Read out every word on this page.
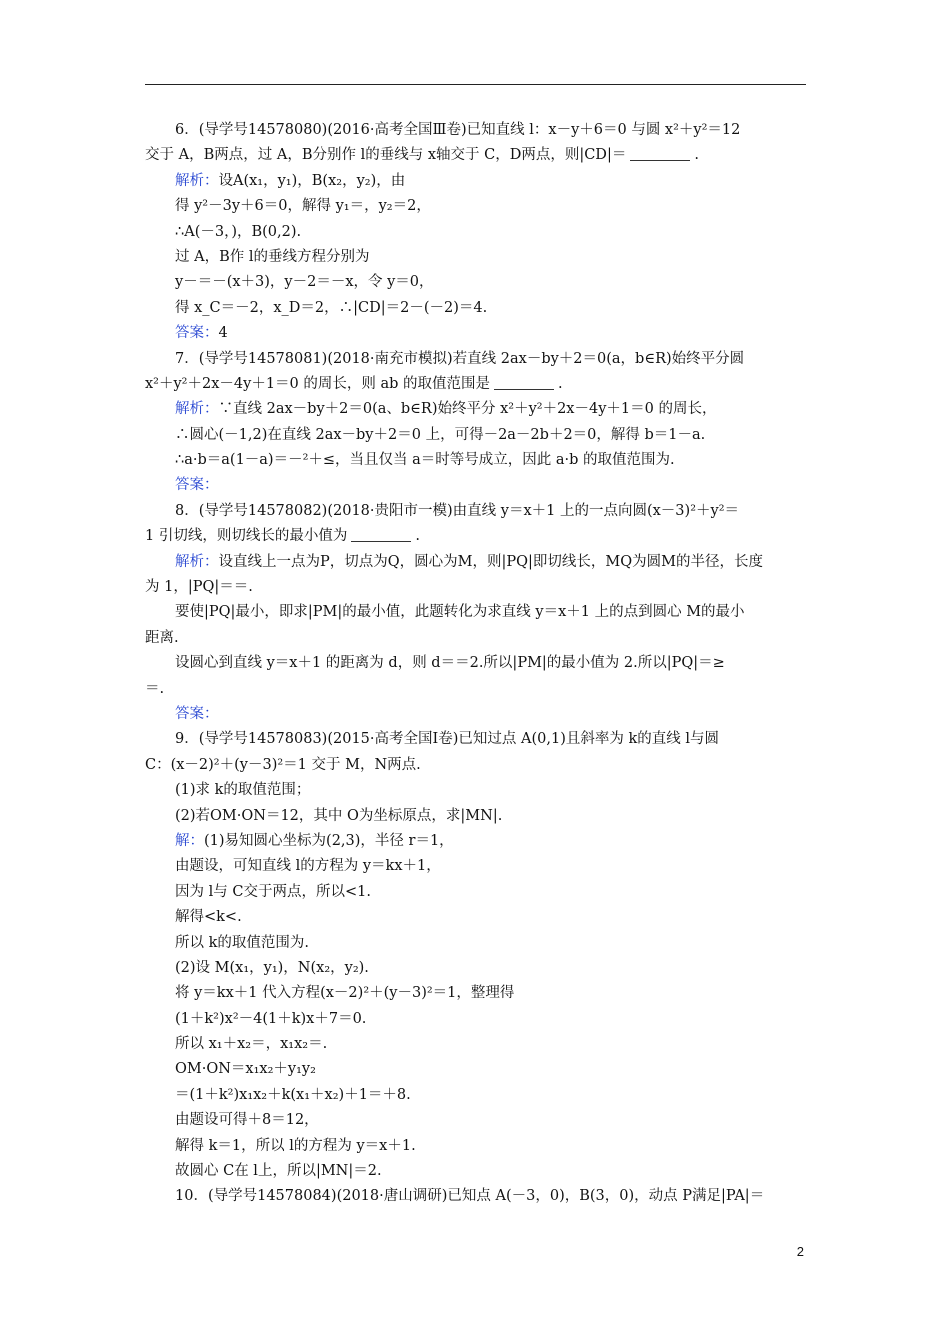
6．(导学号14578080)(2016·高考全国Ⅲ卷)已知直线 l：x－y＋6＝0 与圆 x²＋y²＝12
交于 A，B两点，过 A，B分别作 l的垂线与 x轴交于 C，D两点，则|CD|＝	.
解析：设A(x₁，y₁)，B(x₂，y₂)，由
得 y²－3y＋6＝0，解得 y₁＝，y₂＝2，
∴A(－3，)，B(0,2).
过 A，B作 l的垂线方程分别为
y－＝－(x＋3)，y－2＝－x，令 y＝0，
得 x_C＝－2，x_D＝2，∴|CD|＝2－(－2)＝4.
答案：4
7．(导学号14578081)(2018·南充市模拟)若直线 2ax－by＋2＝0(a，b∈R)始终平分圆
x²＋y²＋2x－4y＋1＝0 的周长，则 ab 的取值范围是	.
解析：∵直线 2ax－by＋2＝0(a、b∈R)始终平分 x²＋y²＋2x－4y＋1＝0 的周长，
∴圆心(－1,2)在直线 2ax－by＋2＝0 上，可得－2a－2b＋2＝0，解得 b＝1－a.
∴a·b＝a(1－a)＝－²＋≤，当且仅当 a＝时等号成立，因此 a·b 的取值范围为.
答案：
8．(导学号14578082)(2018·贵阳市一模)由直线 y＝x＋1 上的一点向圆(x－3)²＋y²＝
1 引切线，则切线长的最小值为	.
解析：设直线上一点为P，切点为Q，圆心为M，则|PQ|即切线长，MQ为圆M的半径，长度
为 1，|PQ|＝＝.
要使|PQ|最小，即求|PM|的最小值，此题转化为求直线 y＝x＋1 上的点到圆心 M的最小
距离.
设圆心到直线 y＝x＋1 的距离为 d，则 d＝＝2.所以|PM|的最小值为 2.所以|PQ|＝≥
＝.
答案：
9．(导学号14578083)(2015·高考全国Ⅰ卷)已知过点 A(0,1)且斜率为 k的直线 l与圆
C：(x－2)²＋(y－3)²＝1 交于 M，N两点.
(1)求 k的取值范围；
(2)若OM·ON＝12，其中 O为坐标原点，求|MN|.
解：(1)易知圆心坐标为(2,3)，半径 r＝1，
由题设，可知直线 l的方程为 y＝kx＋1，
因为 l与 C交于两点，所以<1.
解得<k<.
所以 k的取值范围为.
(2)设 M(x₁，y₁)，N(x₂，y₂).
将 y＝kx＋1 代入方程(x－2)²＋(y－3)²＝1，整理得
(1＋k²)x²－4(1＋k)x＋7＝0.
所以 x₁＋x₂＝，x₁x₂＝.
OM·ON＝x₁x₂＋y₁y₂
＝(1＋k²)x₁x₂＋k(x₁＋x₂)＋1＝＋8.
由题设可得＋8＝12，
解得 k＝1，所以 l的方程为 y＝x＋1.
故圆心 C在 l上，所以|MN|＝2.
10．(导学号14578084)(2018·唐山调研)已知点 A(－3，0)，B(3，0)，动点 P满足|PA|＝
2
